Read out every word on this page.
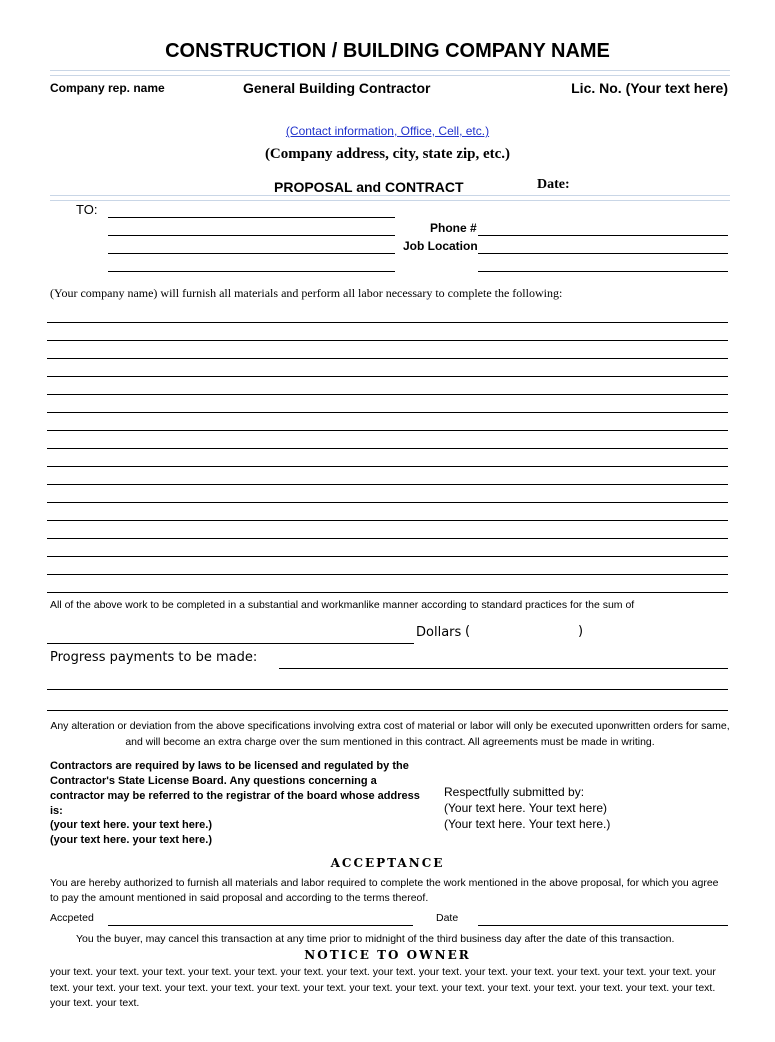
CONSTRUCTION / BUILDING COMPANY NAME
Company rep. name	General Building Contractor	Lic. No. (Your text here)
(Contact information, Office, Cell, etc.)
(Company address, city, state zip, etc.)
PROPOSAL and CONTRACT	Date:
TO:
Phone #
Job Location
(Your company name) will furnish all materials and perform all labor necessary to complete the following:
All of the above work to be completed in a substantial and workmanlike manner according to standard practices for the sum of
Dollars (	)
Progress payments to be made:
Any alteration or deviation from the above specifications involving extra cost of material or labor will only be executed uponwritten orders for same, and will become an extra charge over the sum mentioned in this contract. All agreements must be made in writing.
Contractors are required by laws to be licensed and regulated by the Contractor's State License Board. Any questions concerning a contractor may be referred to the registrar of the board whose address is:
(your text here. your text here.)
(your text here. your text here.)
Respectfully submitted by:
(Your text here. Your text here)
(Your text here. Your text here.)
ACCEPTANCE
You are hereby authorized to furnish all materials and labor required to complete the work mentioned in the above proposal, for which you agree to pay the amount mentioned in said proposal and according to the terms thereof.
Accpeted	Date
You the buyer, may cancel this transaction at any time prior to midnight of the third business day after the date of this transaction.
NOTICE TO OWNER
your text. your text. your text. your text. your text. your text. your text. your text. your text. your text. your text. your text. your text. your text. your text. your text. your text. your text. your text. your text. your text. your text. your text. your text. your text. your text. your text. your text. your text. your text. your text.
